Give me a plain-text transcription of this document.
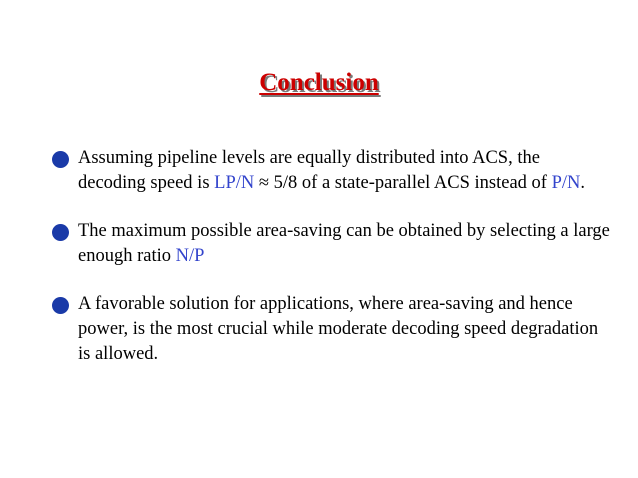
Conclusion
Assuming pipeline levels are equally distributed into ACS, the decoding speed is LP/N ≈ 5/8 of a state-parallel ACS instead of P/N.
The maximum possible area-saving can be obtained by selecting a large enough ratio N/P
A favorable solution for applications, where area-saving and hence power, is the most crucial while moderate decoding speed degradation is allowed.
